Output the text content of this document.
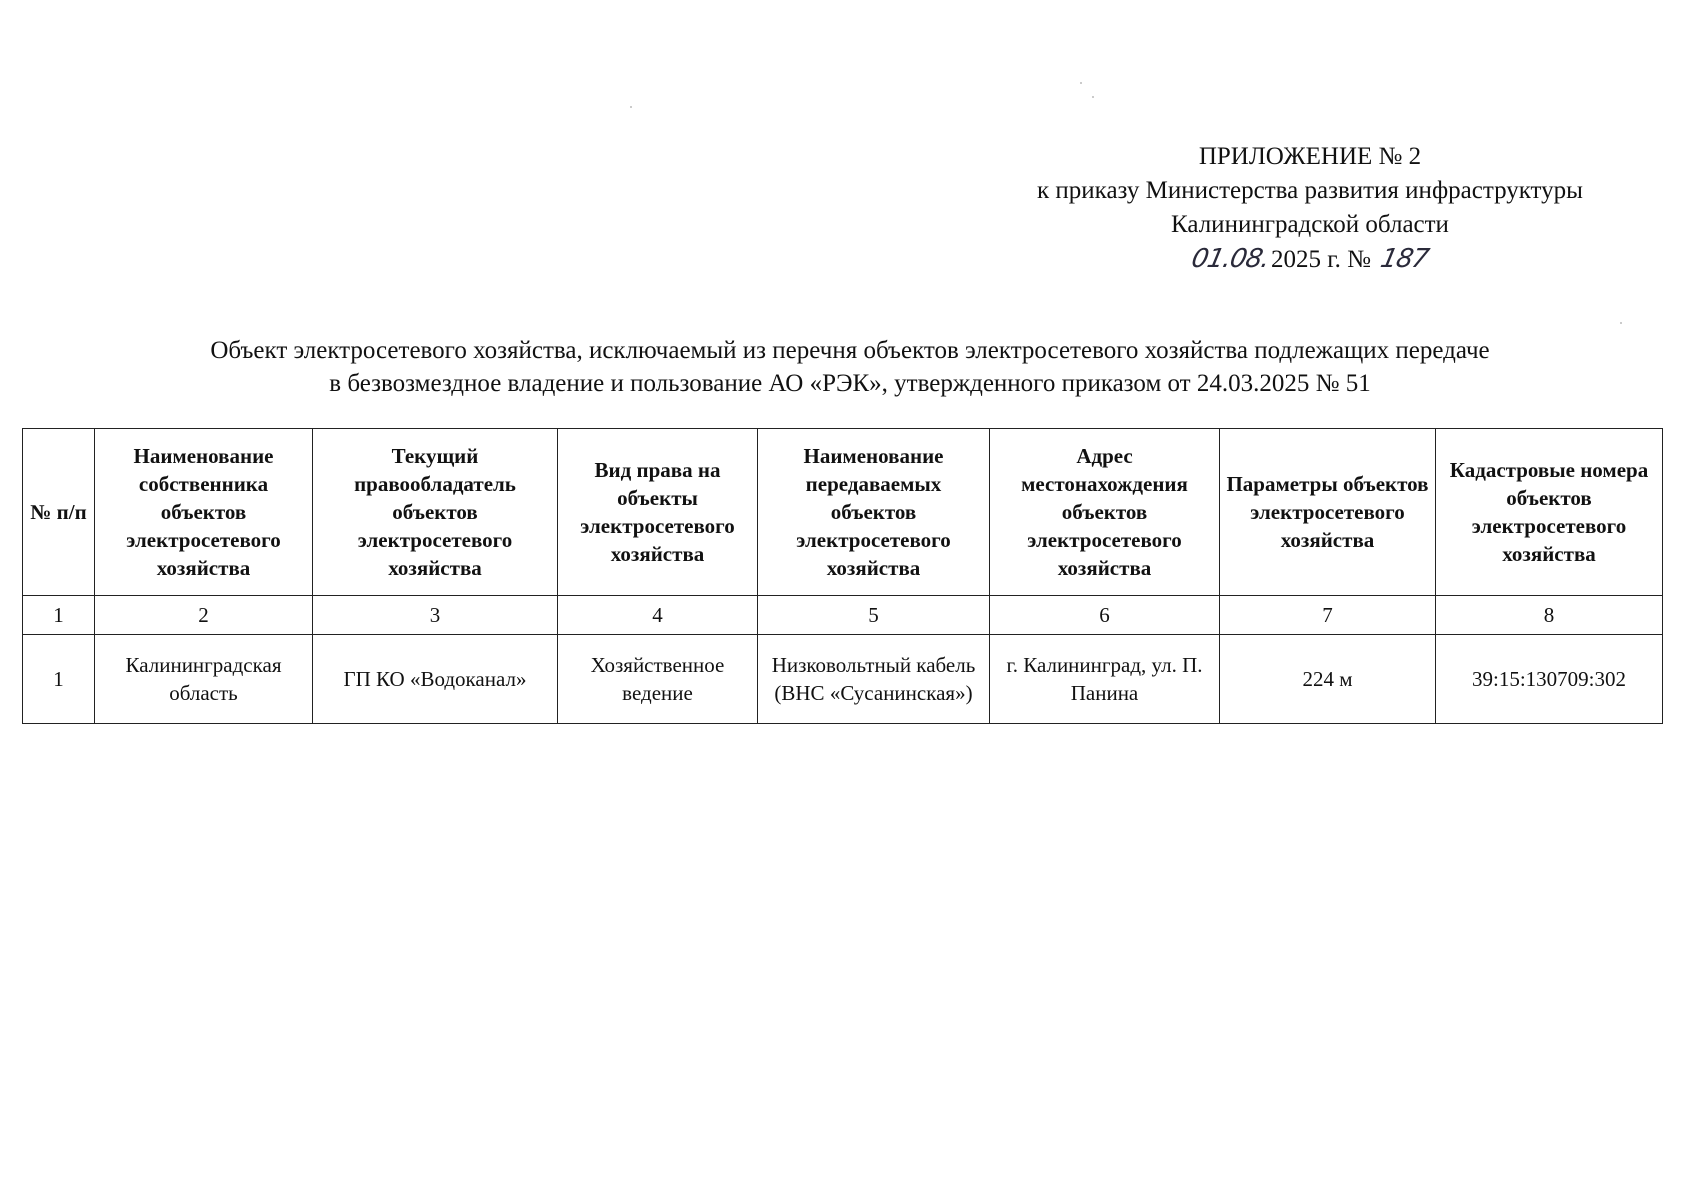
ПРИЛОЖЕНИЕ № 2
к приказу Министерства развития инфраструктуры
Калининградской области
01.08.2025 г. № 187
Объект электросетевого хозяйства, исключаемый из перечня объектов электросетевого хозяйства подлежащих передаче
в безвозмездное владение и пользование АО «РЭК», утвержденного приказом от 24.03.2025 № 51
№ п/п	Наименование собственника объектов электросетевого хозяйства	Текущий правообладатель объектов электросетевого хозяйства	Вид права на объекты электросетевого хозяйства	Наименование передаваемых объектов электросетевого хозяйства	Адрес местонахождения объектов электросетевого хозяйства	Параметры объектов электросетевого хозяйства	Кадастровые номера объектов электросетевого хозяйства
1	2	3	4	5	6	7	8
1	Калининградская область	ГП КО «Водоканал»	Хозяйственное ведение	Низковольтный кабель (ВНС «Сусанинская»)	г. Калининград, ул. П. Панина	224 м	39:15:130709:302
